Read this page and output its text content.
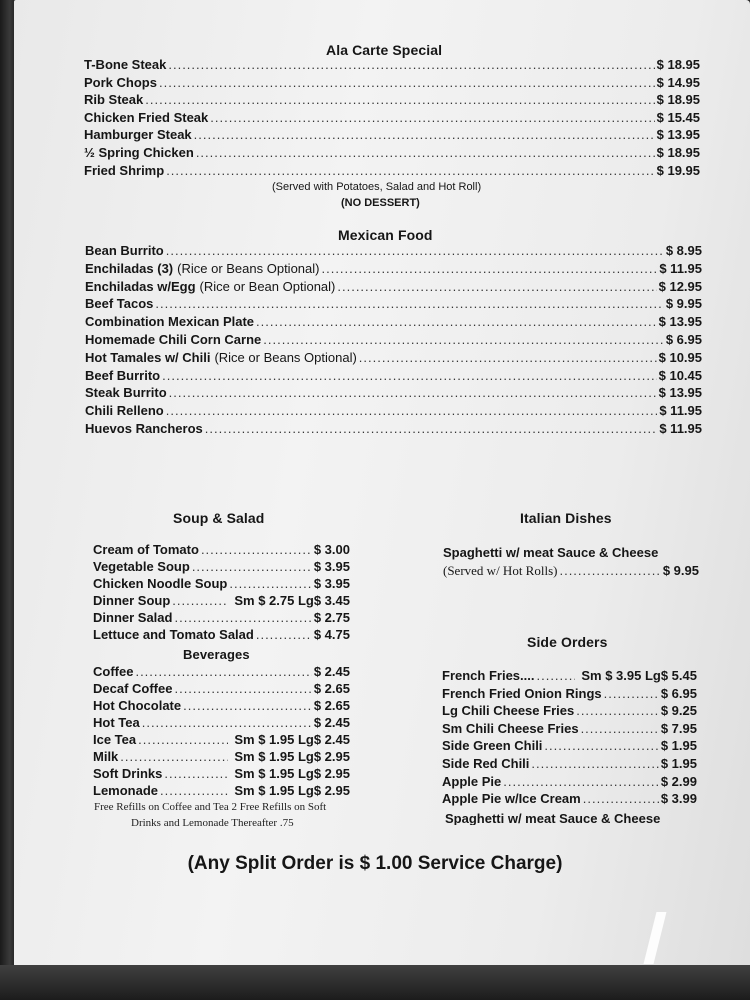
Ala Carte Special
T-Bone Steak .....	$ 18.95
Pork Chops .....	$ 14.95
Rib Steak .....	$ 18.95
Chicken Fried Steak .....	$ 15.45
Hamburger Steak .....	$ 13.95
½ Spring Chicken .....	$ 18.95
Fried Shrimp .....	$ 19.95
(Served with Potatoes, Salad and Hot Roll)
(NO DESSERT)
Mexican Food
Bean Burrito .....	$ 8.95
Enchiladas (3) (Rice or Beans Optional) .....	$ 11.95
Enchiladas w/Egg (Rice or Bean Optional) .....	$ 12.95
Beef Tacos .....	$ 9.95
Combination Mexican Plate .....	$ 13.95
Homemade Chili Corn Carne .....	$ 6.95
Hot Tamales w/ Chili (Rice or Beans Optional) .....	$ 10.95
Beef Burrito .....	$ 10.45
Steak Burrito .....	$ 13.95
Chili Relleno .....	$ 11.95
Huevos Rancheros .....	$ 11.95
Soup & Salad
Cream of Tomato .....	$ 3.00
Vegetable Soup .....	$ 3.95
Chicken Noodle Soup .....	$ 3.95
Dinner Soup .....	Sm $ 2.75 Lg $ 3.45
Dinner Salad .....	$ 2.75
Lettuce and Tomato Salad .....	$ 4.75
Beverages
Coffee .....	$ 2.45
Decaf Coffee .....	$ 2.65
Hot Chocolate .....	$ 2.65
Hot Tea .....	$ 2.45
Ice Tea .....	Sm $ 1.95 Lg $ 2.45
Milk .....	Sm $ 1.95 Lg $ 2.95
Soft Drinks .....	Sm $ 1.95 Lg $ 2.95
Lemonade .....	Sm $ 1.95 Lg $ 2.95
Free Refills on Coffee and Tea 2 Free Refills on Soft
Drinks and Lemonade Thereafter .75
Italian Dishes
Spaghetti w/ meat Sauce & Cheese
(Served w/ Hot Rolls) .....	$ 9.95
Side Orders
French Fries.... .....	Sm $ 3.95 Lg $ 5.45
French Fried Onion Rings .....	$ 6.95
Lg Chili Cheese Fries .....	$ 9.25
Sm Chili Cheese Fries .....	$ 7.95
Side Green Chili .....	$ 1.95
Side Red Chili .....	$ 1.95
Apple Pie .....	$ 2.99
Apple Pie w/Ice Cream .....	$ 3.99
Spaghetti w/ meat Sauce & Cheese
(Any Split Order is $ 1.00 Service Charge)
